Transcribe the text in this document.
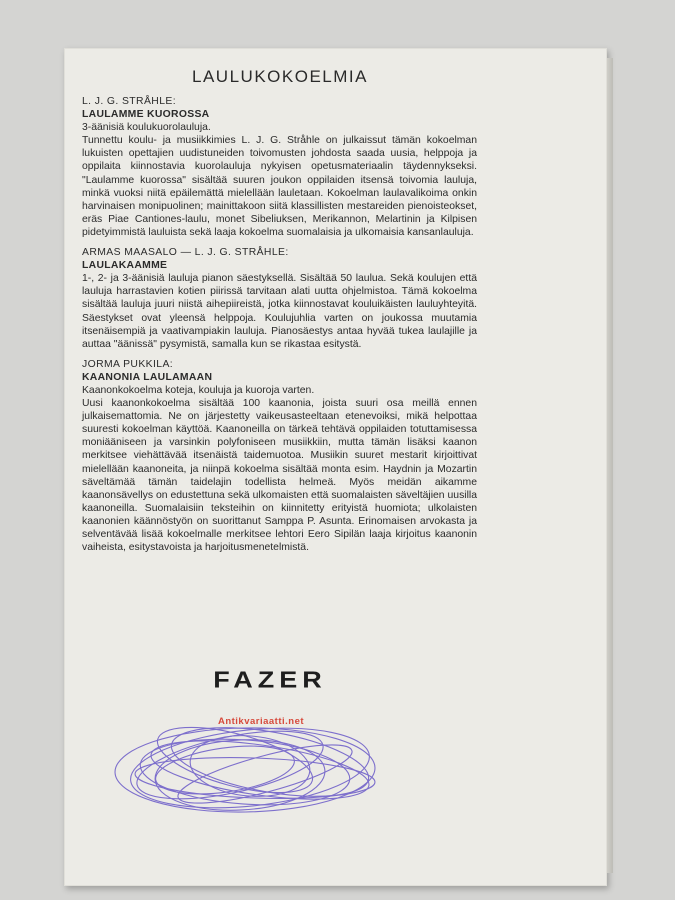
LAULUKOKOELMIA
L. J. G. STRÅHLE:
LAULAMME KUOROSSA
3-äänisiä koulukuorolauluja.

Tunnettu koulu- ja musiikkimies L. J. G. Stråhle on julkaissut tämän kokoelman lukuisten opettajien uudistuneiden toivomusten johdosta saada uusia, helppoja ja oppilaita kiinnostavia kuorolauluja nykyisen opetusmateriaalin täydennykseksi. "Laulamme kuorossa" sisältää suuren joukon oppilaiden itsensä toivomia lauluja, minkä vuoksi niitä epäilemättä mielellään lauletaan. Kokoelman laulavalikoima onkin harvinaisen monipuolinen; mainittakoon siitä klassillisten mestareiden pienoisteokset, eräs Piae Cantiones-laulu, monet Sibeliuksen, Merikannon, Melartinin ja Kilpisen pidetyimmistä lauluista sekä laaja kokoelma suomalaisia ja ulkomaisia kansanlauluja.

ARMAS MAASALO — L. J. G. STRÅHLE:
LAULAKAAMME

1-, 2- ja 3-äänisiä lauluja pianon säestyksellä. Sisältää 50 laulua. Sekä koulujen että lauluja harrastavien kotien piirissä tarvitaan alati uutta ohjelmistoa. Tämä kokoelma sisältää lauluja juuri niistä aihepiireistä, jotka kiinnostavat kouluikäisten lauluyhteyitä. Säestykset ovat yleensä helppoja. Koulujuhlia varten on joukossa muutamia itsenäisempiä ja vaativampiakin lauluja. Pianosäestys antaa hyvää tukea laulajille ja auttaa "äänissä" pysymistä, samalla kun se rikastaa esitystä.

JORMA PUKKILA:
KAANONIA LAULAMAAN
Kaanonkokoelma koteja, kouluja ja kuoroja varten.

Uusi kaanonkokoelma sisältää 100 kaanonia, joista suuri osa meillä ennen julkaisemattomia. Ne on järjestetty vaikeusasteeltaan etenevoiksi, mikä helpottaa suuresti kokoelman käyttöä. Kaanoneilla on tärkeä tehtävä oppilaiden totuttamisessa moniääniseen ja varsinkin polyfoniseen musiikkiin, mutta tämän lisäksi kaanon merkitsee viehättävää itsenäistä taidemuotoa. Musiikin suuret mestarit kirjoittivat mielellään kaanoneita, ja niinpä kokoelma sisältää monta esim. Haydnin ja Mozartin säveltämää tämän taidelajin todellista helmeä. Myös meidän aikamme kaanonsävellys on edustettuna sekä ulkomaisten että suomalaisten säveltäjien uusilla kaanoneilla. Suomalaisiin teksteihin on kiinnitetty erityistä huomiota; ulkolaisten kaanonien käännöstyön on suorittanut Samppa P. Asunta. Erinomaisen arvokasta ja selventävää lisää kokoelmalle merkitsee lehtori Eero Sipilän laaja kirjoitus kaanonin vaiheista, esitystavoista ja harjoitusmenetelmistä.

FAZER
Antikvariaatti.net
